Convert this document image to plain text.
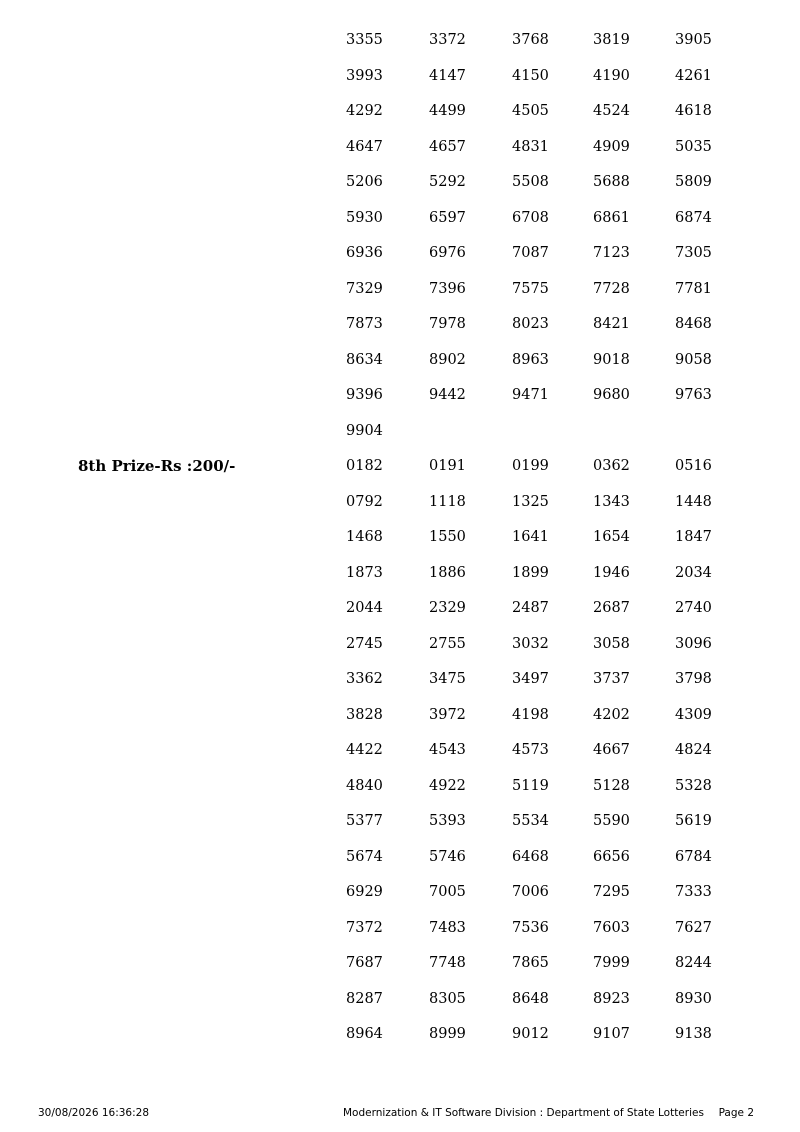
3355	3372	3768	3819	3905
3993	4147	4150	4190	4261
4292	4499	4505	4524	4618
4647	4657	4831	4909	5035
5206	5292	5508	5688	5809
5930	6597	6708	6861	6874
6936	6976	7087	7123	7305
7329	7396	7575	7728	7781
7873	7978	8023	8421	8468
8634	8902	8963	9018	9058
9396	9442	9471	9680	9763
9904
8th Prize-Rs :200/-	0182	0191	0199	0362	0516
0792	1118	1325	1343	1448
1468	1550	1641	1654	1847
1873	1886	1899	1946	2034
2044	2329	2487	2687	2740
2745	2755	3032	3058	3096
3362	3475	3497	3737	3798
3828	3972	4198	4202	4309
4422	4543	4573	4667	4824
4840	4922	5119	5128	5328
5377	5393	5534	5590	5619
5674	5746	6468	6656	6784
6929	7005	7006	7295	7333
7372	7483	7536	7603	7627
7687	7748	7865	7999	8244
8287	8305	8648	8923	8930
8964	8999	9012	9107	9138
30/08/2026 16:36:28	Modernization & IT Software Division : Department of State Lotteries Page 2
